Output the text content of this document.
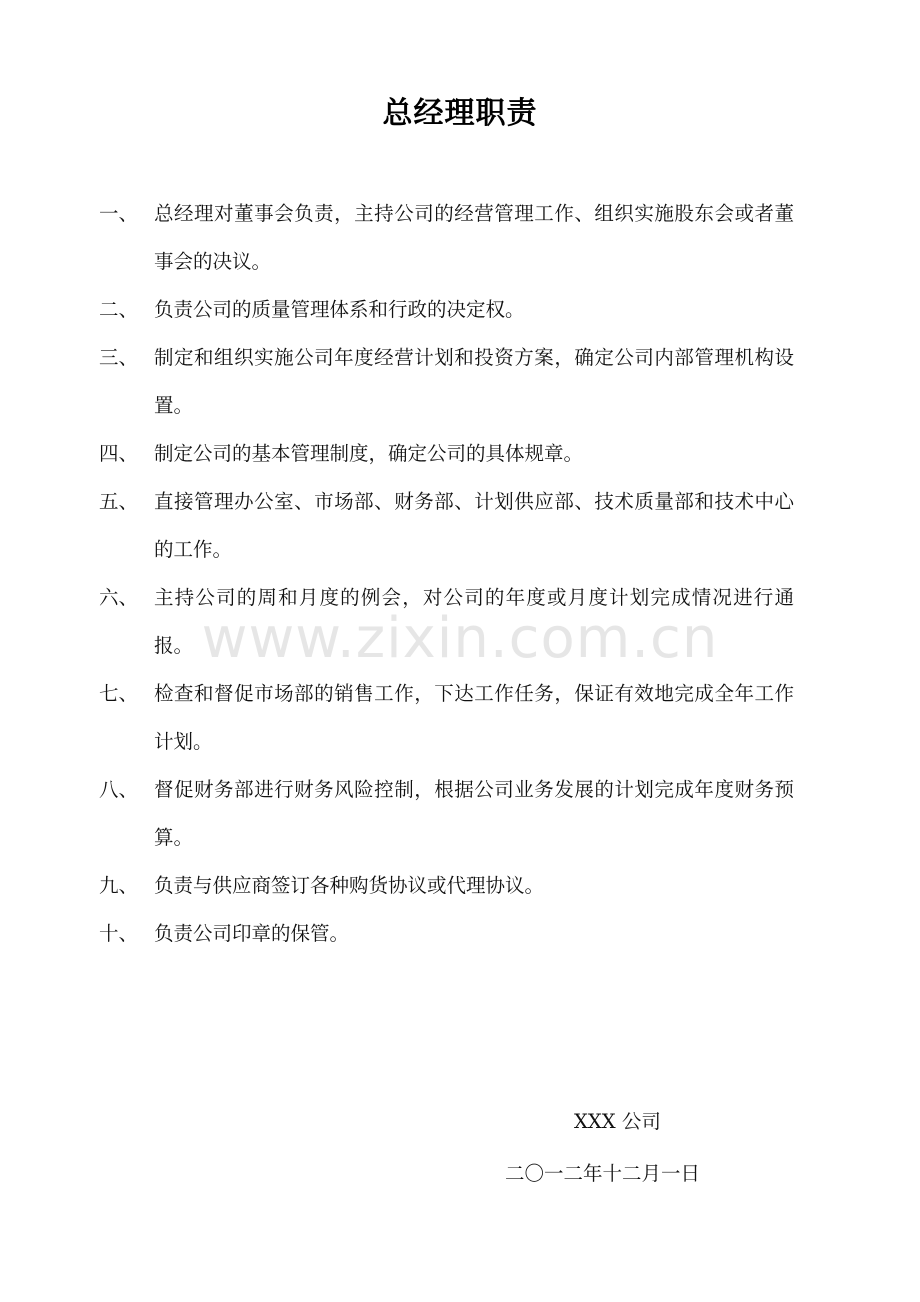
总经理职责
一、 总经理对董事会负责，主持公司的经营管理工作、组织实施股东会或者董事会的决议。
二、 负责公司的质量管理体系和行政的决定权。
三、 制定和组织实施公司年度经营计划和投资方案，确定公司内部管理机构设置。
四、 制定公司的基本管理制度，确定公司的具体规章。
五、 直接管理办公室、市场部、财务部、计划供应部、技术质量部和技术中心的工作。
六、 主持公司的周和月度的例会，对公司的年度或月度计划完成情况进行通报。
七、 检查和督促市场部的销售工作，下达工作任务，保证有效地完成全年工作计划。
八、 督促财务部进行财务风险控制，根据公司业务发展的计划完成年度财务预算。
九、 负责与供应商签订各种购货协议或代理协议。
十、 负责公司印章的保管。
www.zixin.com.cn
XXX 公司
二〇一二年十二月一日
